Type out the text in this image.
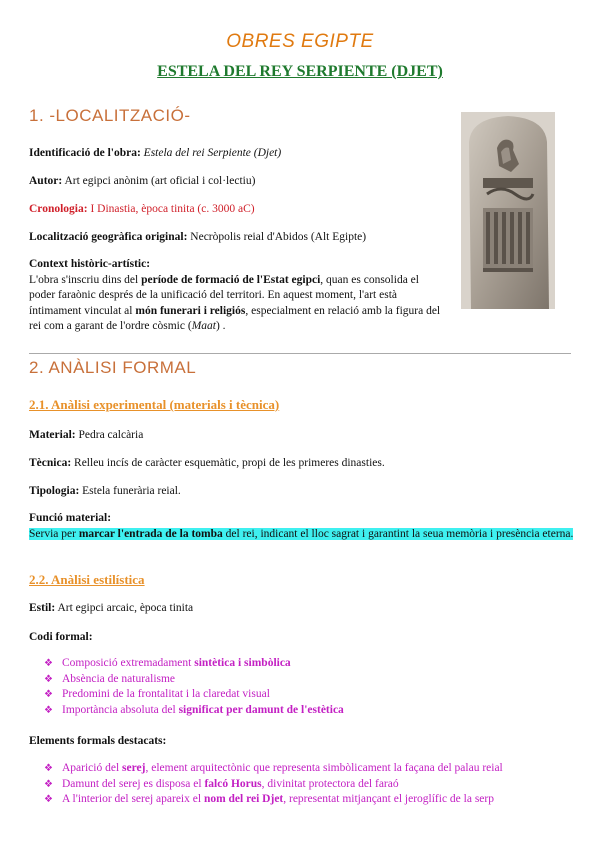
OBRES EGIPTE
ESTELA DEL REY SERPIENTE (DJET)
1. -LOCALITZACIÓ-
Identificació de l'obra: Estela del rei Serpiente (Djet)
Autor: Art egipci anònim (art oficial i col·lectiu)
Cronologia: I Dinastia, època tinita (c. 3000 aC)
Localització geogràfica original: Necròpolis reial d'Abidos (Alt Egipte)
Context històric-artístic:
L'obra s'inscriu dins del període de formació de l'Estat egipci, quan es consolida el poder faraònic després de la unificació del territori. En aquest moment, l'art està íntimament vinculat al món funerari i religiós, especialment en relació amb la figura del rei com a garant de l'ordre còsmic (Maat) .
2. ANÀLISI FORMAL
2.1. Anàlisi experimental (materials i tècnica)
Material: Pedra calcària
Tècnica: Relleu incís de caràcter esquemàtic, propi de les primeres dinasties.
Tipologia: Estela funerària reial.
Funció material:
Servia per marcar l'entrada de la tomba del rei, indicant el lloc sagrat i garantint la seua memòria i presència eterna.
2.2. Anàlisi estilística
Estil: Art egipci arcaic, època tinita
Codi formal:
❖ Composició extremadament sintètica i simbòlica
❖ Absència de naturalisme
❖ Predomini de la frontalitat i la claredat visual
❖ Importància absoluta del significat per damunt de l'estètica
Elements formals destacats:
❖ Aparició del serej, element arquitectònic que representa simbòlicament la façana del palau reial
❖ Damunt del serej es disposa el falcó Horus, divinitat protectora del faraó
❖ A l'interior del serej apareix el nom del rei Djet, representat mitjançant el jeroglífic de la serp
